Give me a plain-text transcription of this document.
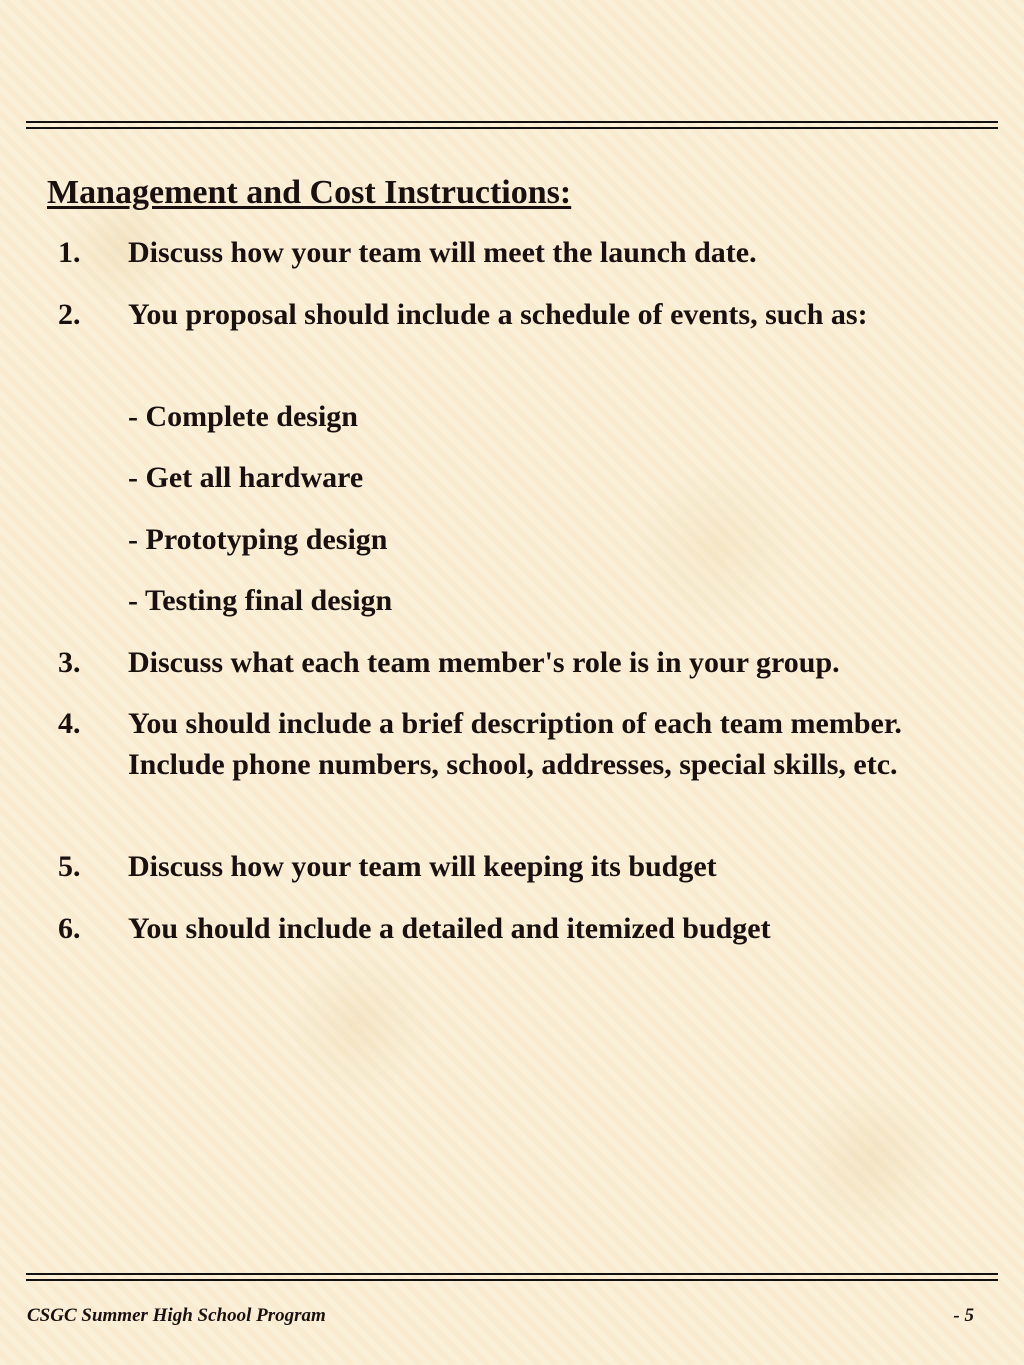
Management and Cost Instructions:
1. Discuss how your team will meet the launch date.
2. You proposal should include a schedule of events, such as:
- Complete design
- Get all hardware
- Prototyping design
- Testing final design
3. Discuss what each team member's role is in your group.
4. You should include a brief description of each team member. Include phone numbers, school, addresses, special skills, etc.
5. Discuss how your team will keeping its budget
6. You should include a detailed and itemized budget
CSGC Summer High School Program	- 5
